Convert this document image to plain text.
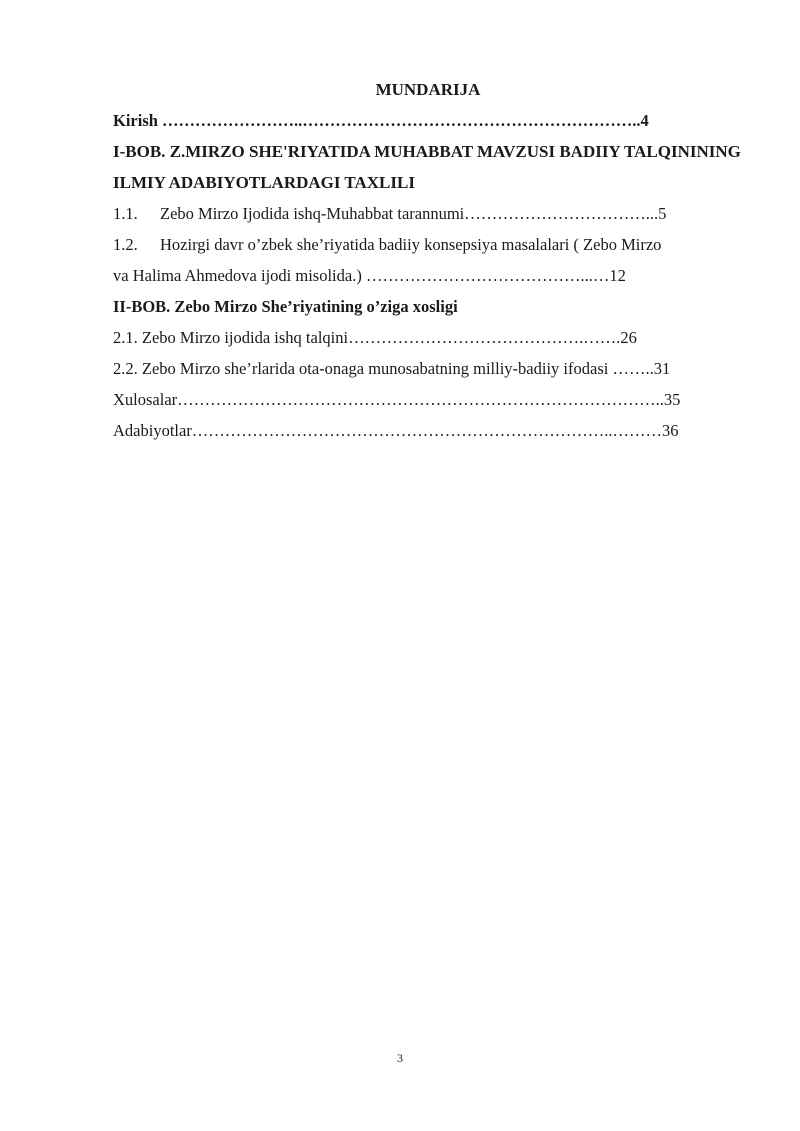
MUNDARIJA
Kirish ……………………..……………………………………………………..4
I-BOB. Z.MIRZO SHE'RIYATIDA MUHABBAT MAVZUSI BADIIY TALQININING ILMIY ADABIYOTLARDAGI TAXLILI
1.1. Zebo Mirzo Ijodida ishq-Muhabbat tarannumi……………………………...5
1.2. Hozirgi davr o’zbek she’riyatida badiiy konsepsiya masalalari ( Zebo Mirzo
va Halima Ahmedova ijodi misolida.) …………………………………...…12
II-BOB. Zebo Mirzo She’riyatining o’ziga xosligi
2.1. Zebo Mirzo ijodida ishq talqini…………………………………….…….26
2.2. Zebo Mirzo she’rlarida ota-onaga munosabatning milliy-badiiy ifodasi ……..31
Xulosalar……………………………………………………………………………..35
Adabiyotlar…………………………………………………………………..………36
3
